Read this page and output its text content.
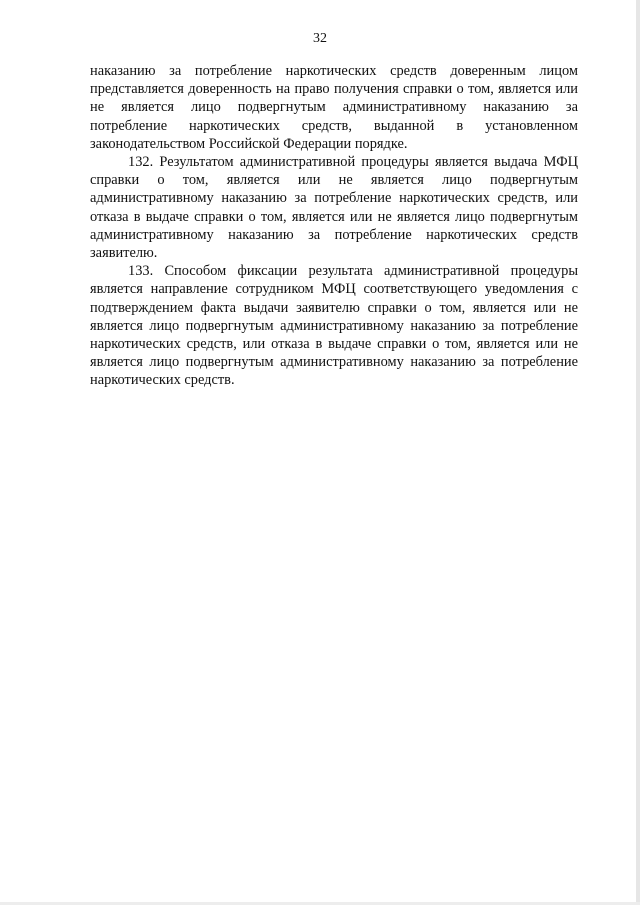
32

наказанию за потребление наркотических средств доверенным лицом представляется доверенность на право получения справки о том, является или не является лицо подвергнутым административному наказанию за потребление наркотических средств, выданной в установленном законодательством Российской Федерации порядке.

132. Результатом административной процедуры является выдача МФЦ справки о том, является или не является лицо подвергнутым административному наказанию за потребление наркотических средств, или отказа в выдаче справки о том, является или не является лицо подвергнутым административному наказанию за потребление наркотических средств заявителю.

133. Способом фиксации результата административной процедуры является направление сотрудником МФЦ соответствующего уведомления с подтверждением факта выдачи заявителю справки о том, является или не является лицо подвергнутым административному наказанию за потребление наркотических средств, или отказа в выдаче справки о том, является или не является лицо подвергнутым административному наказанию за потребление наркотических средств.
